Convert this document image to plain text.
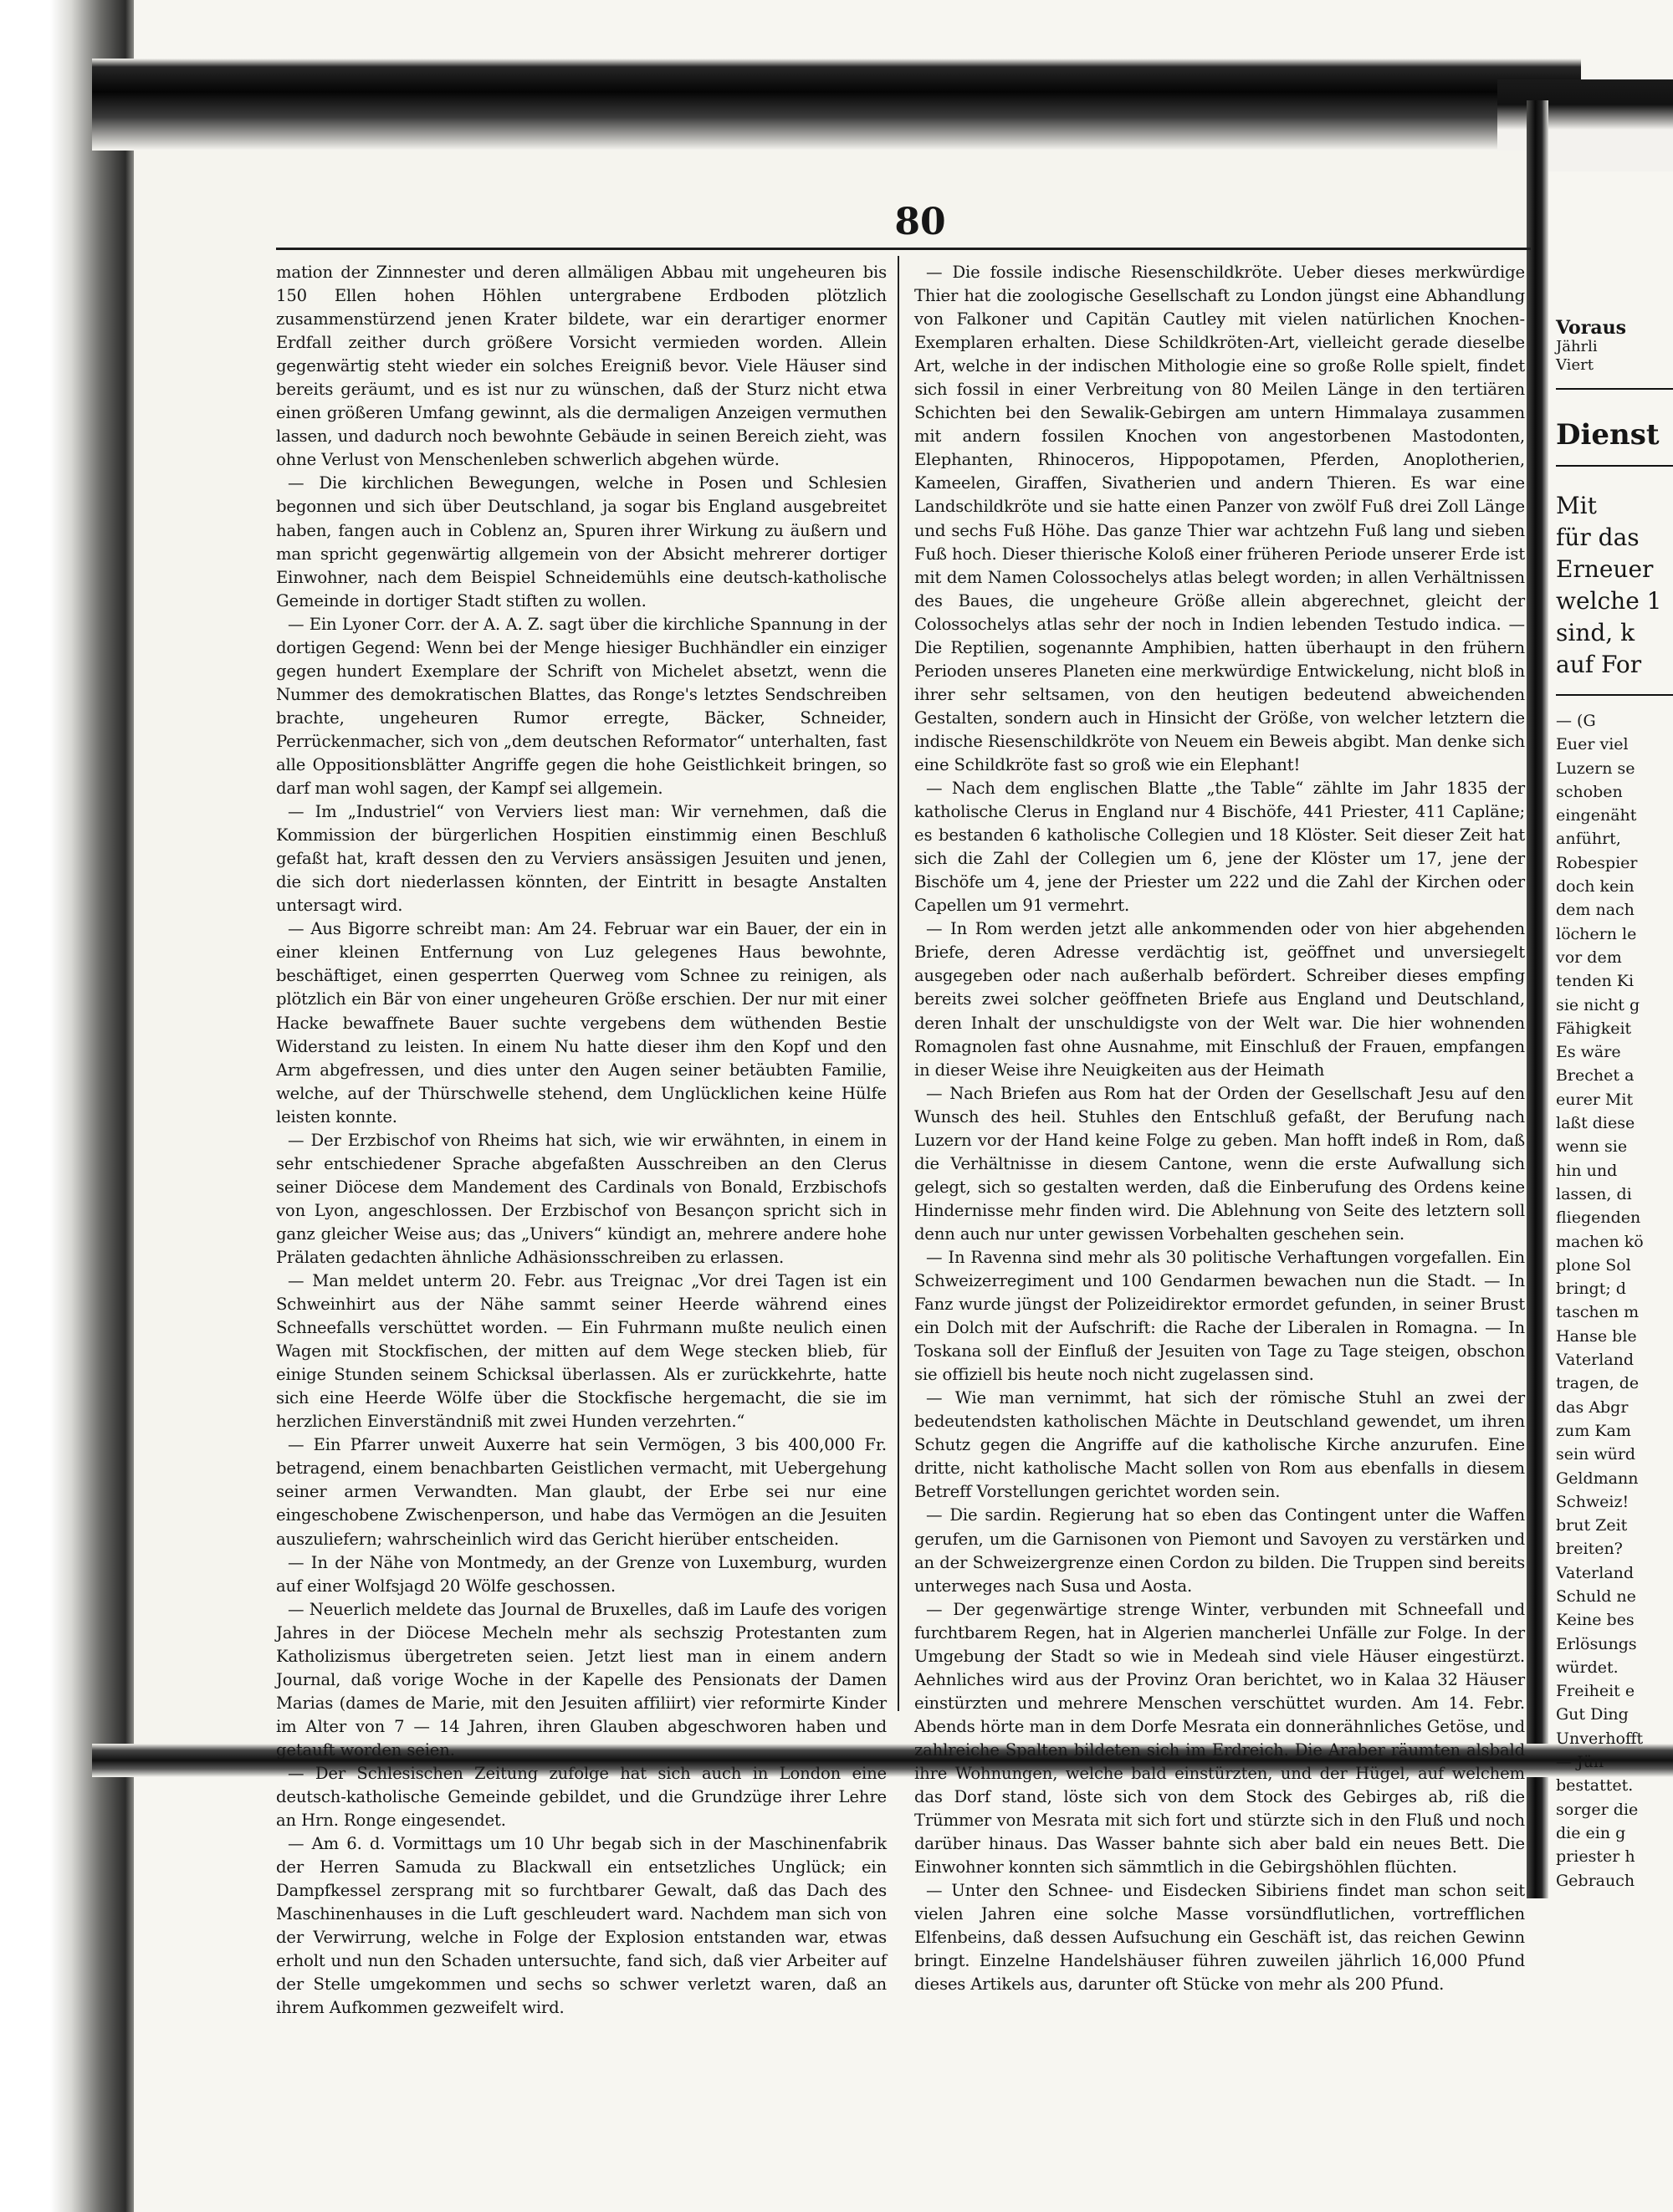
80

mation der Zinnnester und deren allmäligen Abbau mit ungeheuren bis 150 Ellen hohen Höhlen untergrabene Erdboden plötzlich zusammenstürzend jenen Krater bildete, war ein derartiger enormer Erdfall zeither durch größere Vorsicht vermieden worden. Allein gegenwärtig steht wieder ein solches Ereigniß bevor. Viele Häuser sind bereits geräumt, und es ist nur zu wünschen, daß der Sturz nicht etwa einen größeren Umfang gewinnt, als die dermaligen Anzeigen vermuthen lassen, und dadurch noch bewohnte Gebäude in seinen Bereich zieht, was ohne Verlust von Menschenleben schwerlich abgehen würde.

— Die kirchlichen Bewegungen, welche in Posen und Schlesien begonnen und sich über Deutschland, ja sogar bis England ausgebreitet haben, fangen auch in Coblenz an, Spuren ihrer Wirkung zu äußern und man spricht gegenwärtig allgemein von der Absicht mehrerer dortiger Einwohner, nach dem Beispiel Schneidemühls eine deutsch-katholische Gemeinde in dortiger Stadt stiften zu wollen.

— Ein Lyoner Corr. der A. A. Z. sagt über die kirchliche Spannung in der dortigen Gegend: Wenn bei der Menge hiesiger Buchhändler ein einziger gegen hundert Exemplare der Schrift von Michelet absetzt, wenn die Nummer des demokratischen Blattes, das Ronge's letztes Sendschreiben brachte, ungeheuren Rumor erregte, Bäcker, Schneider, Perrückenmacher, sich von „dem deutschen Reformator“ unterhalten, fast alle Oppositionsblätter Angriffe gegen die hohe Geistlichkeit bringen, so darf man wohl sagen, der Kampf sei allgemein.

— Im „Industriel“ von Verviers liest man: Wir vernehmen, daß die Kommission der bürgerlichen Hospitien einstimmig einen Beschluß gefaßt hat, kraft dessen den zu Verviers ansässigen Jesuiten und jenen, die sich dort niederlassen könnten, der Eintritt in besagte Anstalten untersagt wird.

— Aus Bigorre schreibt man: Am 24. Februar war ein Bauer, der ein in einer kleinen Entfernung von Luz gelegenes Haus bewohnte, beschäftiget, einen gesperrten Querweg vom Schnee zu reinigen, als plötzlich ein Bär von einer ungeheuren Größe erschien. Der nur mit einer Hacke bewaffnete Bauer suchte vergebens dem wüthenden Bestie Widerstand zu leisten. In einem Nu hatte dieser ihm den Kopf und den Arm abgefressen, und dies unter den Augen seiner betäubten Familie, welche, auf der Thürschwelle stehend, dem Unglücklichen keine Hülfe leisten konnte.

— Der Erzbischof von Rheims hat sich, wie wir erwähnten, in einem in sehr entschiedener Sprache abgefaßten Ausschreiben an den Clerus seiner Diöcese dem Mandement des Cardinals von Bonald, Erzbischofs von Lyon, angeschlossen. Der Erzbischof von Besançon spricht sich in ganz gleicher Weise aus; das „Univers“ kündigt an, mehrere andere hohe Prälaten gedachten ähnliche Adhäsionsschreiben zu erlassen.

— Man meldet unterm 20. Febr. aus Treignac „Vor drei Tagen ist ein Schweinhirt aus der Nähe sammt seiner Heerde während eines Schneefalls verschüttet worden. — Ein Fuhrmann mußte neulich einen Wagen mit Stockfischen, der mitten auf dem Wege stecken blieb, für einige Stunden seinem Schicksal überlassen. Als er zurückkehrte, hatte sich eine Heerde Wölfe über die Stockfische hergemacht, die sie im herzlichen Einverständniß mit zwei Hunden verzehrten.“

— Ein Pfarrer unweit Auxerre hat sein Vermögen, 3 bis 400,000 Fr. betragend, einem benachbarten Geistlichen vermacht, mit Uebergehung seiner armen Verwandten. Man glaubt, der Erbe sei nur eine eingeschobene Zwischenperson, und habe das Vermögen an die Jesuiten auszuliefern; wahrscheinlich wird das Gericht hierüber entscheiden.

— In der Nähe von Montmedy, an der Grenze von Luxemburg, wurden auf einer Wolfsjagd 20 Wölfe geschossen.

— Neuerlich meldete das Journal de Bruxelles, daß im Laufe des vorigen Jahres in der Diöcese Mecheln mehr als sechszig Protestanten zum Katholizismus übergetreten seien. Jetzt liest man in einem andern Journal, daß vorige Woche in der Kapelle des Pensionats der Damen Marias (dames de Marie, mit den Jesuiten affiliirt) vier reformirte Kinder im Alter von 7 — 14 Jahren, ihren Glauben abgeschworen haben und getauft worden seien.

— Der Schlesischen Zeitung zufolge hat sich auch in London eine deutsch-katholische Gemeinde gebildet, und die Grundzüge ihrer Lehre an Hrn. Ronge eingesendet.

— Am 6. d. Vormittags um 10 Uhr begab sich in der Maschinenfabrik der Herren Samuda zu Blackwall ein entsetzliches Unglück; ein Dampfkessel zersprang mit so furchtbarer Gewalt, daß das Dach des Maschinenhauses in die Luft geschleudert ward. Nachdem man sich von der Verwirrung, welche in Folge der Explosion entstanden war, etwas erholt und nun den Schaden untersuchte, fand sich, daß vier Arbeiter auf der Stelle umgekommen und sechs so schwer verletzt waren, daß an ihrem Aufkommen gezweifelt wird.

— Die fossile indische Riesenschildkröte. Ueber dieses merkwürdige Thier hat die zoologische Gesellschaft zu London jüngst eine Abhandlung von Falkoner und Capitän Cautley mit vielen natürlichen Knochen-Exemplaren erhalten. Diese Schildkröten-Art, vielleicht gerade dieselbe Art, welche in der indischen Mithologie eine so große Rolle spielt, findet sich fossil in einer Verbreitung von 80 Meilen Länge in den tertiären Schichten bei den Sewalik-Gebirgen am untern Himmalaya zusammen mit andern fossilen Knochen von angestorbenen Mastodonten, Elephanten, Rhinoceros, Hippopotamen, Pferden, Anoplotherien, Kameelen, Giraffen, Sivatherien und andern Thieren. Es war eine Landschildkröte und sie hatte einen Panzer von zwölf Fuß drei Zoll Länge und sechs Fuß Höhe. Das ganze Thier war achtzehn Fuß lang und sieben Fuß hoch. Dieser thierische Koloß einer früheren Periode unserer Erde ist mit dem Namen Colossochelys atlas belegt worden; in allen Verhältnissen des Baues, die ungeheure Größe allein abgerechnet, gleicht der Colossochelys atlas sehr der noch in Indien lebenden Testudo indica. — Die Reptilien, sogenannte Amphibien, hatten überhaupt in den frühern Perioden unseres Planeten eine merkwürdige Entwickelung, nicht bloß in ihrer sehr seltsamen, von den heutigen bedeutend abweichenden Gestalten, sondern auch in Hinsicht der Größe, von welcher letztern die indische Riesenschildkröte von Neuem ein Beweis abgibt. Man denke sich eine Schildkröte fast so groß wie ein Elephant!

— Nach dem englischen Blatte „the Table“ zählte im Jahr 1835 der katholische Clerus in England nur 4 Bischöfe, 441 Priester, 411 Capläne; es bestanden 6 katholische Collegien und 18 Klöster. Seit dieser Zeit hat sich die Zahl der Collegien um 6, jene der Klöster um 17, jene der Bischöfe um 4, jene der Priester um 222 und die Zahl der Kirchen oder Capellen um 91 vermehrt.

— In Rom werden jetzt alle ankommenden oder von hier abgehenden Briefe, deren Adresse verdächtig ist, geöffnet und unversiegelt ausgegeben oder nach außerhalb befördert. Schreiber dieses empfing bereits zwei solcher geöffneten Briefe aus England und Deutschland, deren Inhalt der unschuldigste von der Welt war. Die hier wohnenden Romagnolen fast ohne Ausnahme, mit Einschluß der Frauen, empfangen in dieser Weise ihre Neuigkeiten aus der Heimath

— Nach Briefen aus Rom hat der Orden der Gesellschaft Jesu auf den Wunsch des heil. Stuhles den Entschluß gefaßt, der Berufung nach Luzern vor der Hand keine Folge zu geben. Man hofft indeß in Rom, daß die Verhältnisse in diesem Cantone, wenn die erste Aufwallung sich gelegt, sich so gestalten werden, daß die Einberufung des Ordens keine Hindernisse mehr finden wird. Die Ablehnung von Seite des letztern soll denn auch nur unter gewissen Vorbehalten geschehen sein.

— In Ravenna sind mehr als 30 politische Verhaftungen vorgefallen. Ein Schweizerregiment und 100 Gendarmen bewachen nun die Stadt. — In Fanz wurde jüngst der Polizeidirektor ermordet gefunden, in seiner Brust ein Dolch mit der Aufschrift: die Rache der Liberalen in Romagna. — In Toskana soll der Einfluß der Jesuiten von Tage zu Tage steigen, obschon sie offiziell bis heute noch nicht zugelassen sind.

— Wie man vernimmt, hat sich der römische Stuhl an zwei der bedeutendsten katholischen Mächte in Deutschland gewendet, um ihren Schutz gegen die Angriffe auf die katholische Kirche anzurufen. Eine dritte, nicht katholische Macht sollen von Rom aus ebenfalls in diesem Betreff Vorstellungen gerichtet worden sein.

— Die sardin. Regierung hat so eben das Contingent unter die Waffen gerufen, um die Garnisonen von Piemont und Savoyen zu verstärken und an der Schweizergrenze einen Cordon zu bilden. Die Truppen sind bereits unterweges nach Susa und Aosta.

— Der gegenwärtige strenge Winter, verbunden mit Schneefall und furchtbarem Regen, hat in Algerien mancherlei Unfälle zur Folge. In der Umgebung der Stadt so wie in Medeah sind viele Häuser eingestürzt. Aehnliches wird aus der Provinz Oran berichtet, wo in Kalaa 32 Häuser einstürzten und mehrere Menschen verschüttet wurden. Am 14. Febr. Abends hörte man in dem Dorfe Mesrata ein donnerähnliches Getöse, und zahlreiche Spalten bildeten sich im Erdreich. Die Araber räumten alsbald ihre Wohnungen, welche bald einstürzten, und der Hügel, auf welchem das Dorf stand, löste sich von dem Stock des Gebirges ab, riß die Trümmer von Mesrata mit sich fort und stürzte sich in den Fluß und noch darüber hinaus. Das Wasser bahnte sich aber bald ein neues Bett. Die Einwohner konnten sich sämmtlich in die Gebirgshöhlen flüchten.

— Unter den Schnee- und Eisdecken Sibiriens findet man schon seit vielen Jahren eine solche Masse vorsündflutlichen, vortrefflichen Elfenbeins, daß dessen Aufsuchung ein Geschäft ist, das reichen Gewinn bringt. Einzelne Handelshäuser führen zuweilen jährlich 16,000 Pfund dieses Artikels aus, darunter oft Stücke von mehr als 200 Pfund.

Voraus
Jährli
Viert
Dienst
Mit
für das
Erneuer
welche 1
sind, k
auf For
— (G
Euer viel
Luzern se
schoben
eingenäht
anführt,
Robespier
doch kein
dem nach
löchern le
vor dem
tenden Ki
sie nicht g
Fähigkeit
Es wäre
Brechet a
eurer Mit
laßt diese
wenn sie
hin und
lassen, di
fliegenden
machen kö
plone Sol
bringt; d
taschen m
Hanse ble
Vaterland
tragen, de
das Abgr
zum Kam
sein würd
Geldmann
Schweiz!
brut Zeit
breiten?
Vaterland
Schuld ne
Keine bes
Erlösungs
würdet.
Freiheit e
Gut Ding
Unverhofft
— Jün
bestattet.
sorger die
die ein g
priester h
Gebrauch
